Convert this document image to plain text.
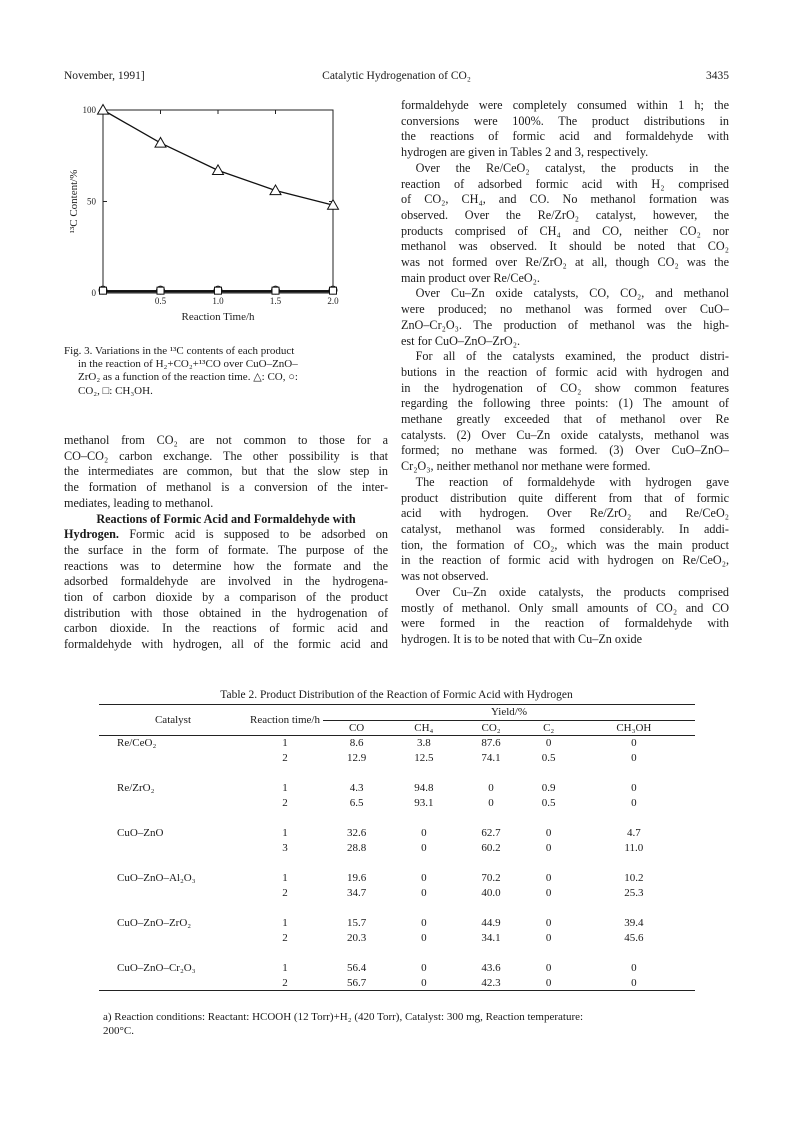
November, 1991]	Catalytic Hydrogenation of CO₂	3435
0.5	1.0	1.5	2.0
0
50
100
Reaction Time/h
¹³C Content/%
Fig. 3. Variations in the ¹³C contents of each product
in the reaction of H₂+CO₂+¹³CO over CuO–ZnO–
ZrO₂ as a function of the reaction time. △: CO, ○:
CO₂, □: CH₃OH.
methanol from CO₂ are not common to those for a
CO–CO₂ carbon exchange. The other possibility is that
the intermediates are common, but that the slow step in
the formation of methanol is a conversion of the inter-
mediates, leading to methanol.
Reactions of Formic Acid and Formaldehyde with
Hydrogen. Formic acid is supposed to be adsorbed on
the surface in the form of formate. The purpose of the
reactions was to determine how the formate and the
adsorbed formaldehyde are involved in the hydrogena-
tion of carbon dioxide by a comparison of the product
distribution with those obtained in the hydrogenation of
carbon dioxide. In the reactions of formic acid and
formaldehyde with hydrogen, all of the formic acid and
formaldehyde were completely consumed within 1 h; the
conversions were 100%. The product distributions in
the reactions of formic acid and formaldehyde with
hydrogen are given in Tables 2 and 3, respectively.
Over the Re/CeO₂ catalyst, the products in the
reaction of adsorbed formic acid with H₂ comprised
of CO₂, CH₄, and CO. No methanol formation was
observed. Over the Re/ZrO₂ catalyst, however, the
products comprised of CH₄ and CO, neither CO₂ nor
methanol was observed. It should be noted that CO₂
was not formed over Re/ZrO₂ at all, though CO₂ was the
main product over Re/CeO₂.
Over Cu–Zn oxide catalysts, CO, CO₂, and methanol
were produced; no methanol was formed over CuO–
ZnO–Cr₂O₃. The production of methanol was the high-
est for CuO–ZnO–ZrO₂.
For all of the catalysts examined, the product distri-
butions in the reaction of formic acid with hydrogen and
in the hydrogenation of CO₂ show common features
regarding the following three points: (1) The amount of
methane greatly exceeded that of methanol over Re
catalysts. (2) Over Cu–Zn oxide catalysts, methanol was
formed; no methane was formed. (3) Over CuO–ZnO–
Cr₂O₃, neither methanol nor methane were formed.
The reaction of formaldehyde with hydrogen gave
product distribution quite different from that of formic
acid with hydrogen. Over Re/ZrO₂ and Re/CeO₂
catalyst, methanol was formed considerably. In addi-
tion, the formation of CO₂, which was the main product
in the reaction of formic acid with hydrogen on Re/CeO₂,
was not observed.
Over Cu–Zn oxide catalysts, the products comprised
mostly of methanol. Only small amounts of CO₂ and CO
were formed in the reaction of formaldehyde with
hydrogen. It is to be noted that with Cu–Zn oxide
Table 2. Product Distribution of the Reaction of Formic Acid with Hydrogen
Catalyst	Reaction time/h	Yield/%				
		CO	CH₄	CO₂	C₂	CH₃OH
Re/CeO₂	1	8.6	3.8	87.6	0	0
	2	12.9	12.5	74.1	0.5	0

Re/ZrO₂	1	4.3	94.8	0	0.9	0
	2	6.5	93.1	0	0.5	0

CuO–ZnO	1	32.6	0	62.7	0	4.7
	3	28.8	0	60.2	0	11.0

CuO–ZnO–Al₂O₃	1	19.6	0	70.2	0	10.2
	2	34.7	0	40.0	0	25.3

CuO–ZnO–ZrO₂	1	15.7	0	44.9	0	39.4
	2	20.3	0	34.1	0	45.6

CuO–ZnO–Cr₂O₃	1	56.4	0	43.6	0	0
	2	56.7	0	42.3	0	0
a) Reaction conditions: Reactant: HCOOH (12 Torr)+H₂ (420 Torr), Catalyst: 300 mg, Reaction temperature:
200°C.
